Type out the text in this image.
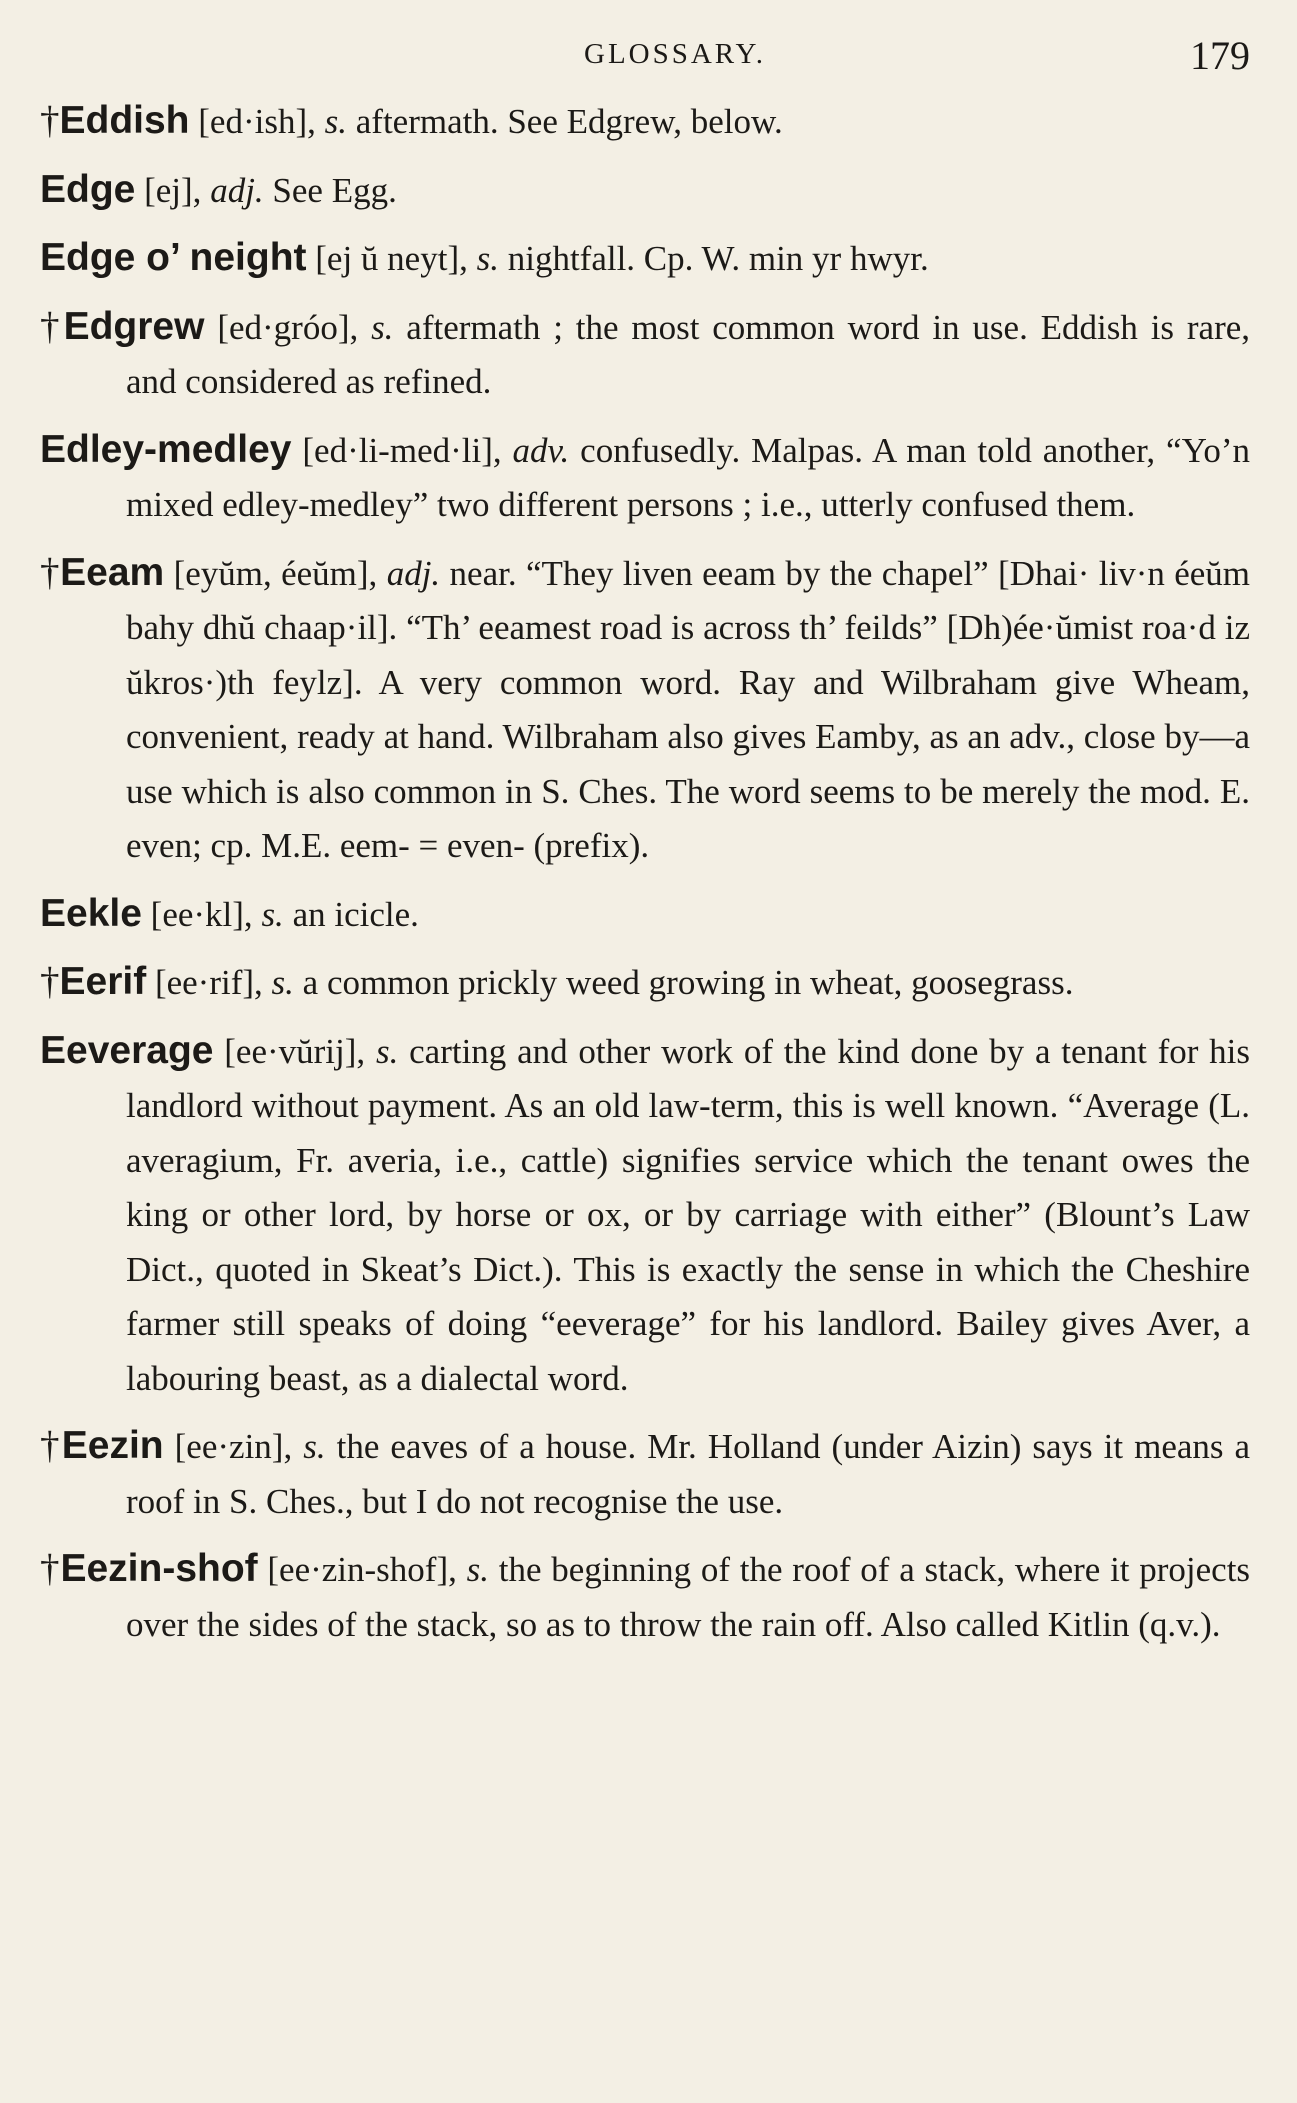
GLOSSARY.	179
†Eddish [ed·ish], s. aftermath. See Edgrew, below.
Edge [ej], adj. See Egg.
Edge o’ neight [ej ŭ neyt], s. nightfall. Cp. W. min yr hwyr.
†Edgrew [ed·gróo], s. aftermath ; the most common word in use. Eddish is rare, and considered as refined.
Edley-medley [ed·li-med·li], adv. confusedly. Malpas. A man told another, “Yo’n mixed edley-medley” two different persons ; i.e., utterly confused them.
†Eeam [eyŭm, éeŭm], adj. near. “They liven eeam by the chapel” [Dhai· liv·n éeŭm bahy dhŭ chaap·il]. “Th’ eeamest road is across th’ feilds” [Dh)ée·ŭmist roa·d iz ŭkros·)th feylz]. A very common word. Ray and Wilbraham give Wheam, convenient, ready at hand. Wilbraham also gives Eamby, as an adv., close by—a use which is also common in S. Ches. The word seems to be merely the mod. E. even; cp. M.E. eem- = even- (prefix).
Eekle [ee·kl], s. an icicle.
†Eerif [ee·rif], s. a common prickly weed growing in wheat, goosegrass.
Eeverage [ee·vŭrij], s. carting and other work of the kind done by a tenant for his landlord without payment. As an old law-term, this is well known. “Average (L. averagium, Fr. averia, i.e., cattle) signifies service which the tenant owes the king or other lord, by horse or ox, or by carriage with either” (Blount’s Law Dict., quoted in Skeat’s Dict.). This is exactly the sense in which the Cheshire farmer still speaks of doing “eeverage” for his landlord. Bailey gives Aver, a labouring beast, as a dialectal word.
†Eezin [ee·zin], s. the eaves of a house. Mr. Holland (under Aizin) says it means a roof in S. Ches., but I do not recognise the use.
†Eezin-shof [ee·zin-shof], s. the beginning of the roof of a stack, where it projects over the sides of the stack, so as to throw the rain off. Also called Kitlin (q.v.).
